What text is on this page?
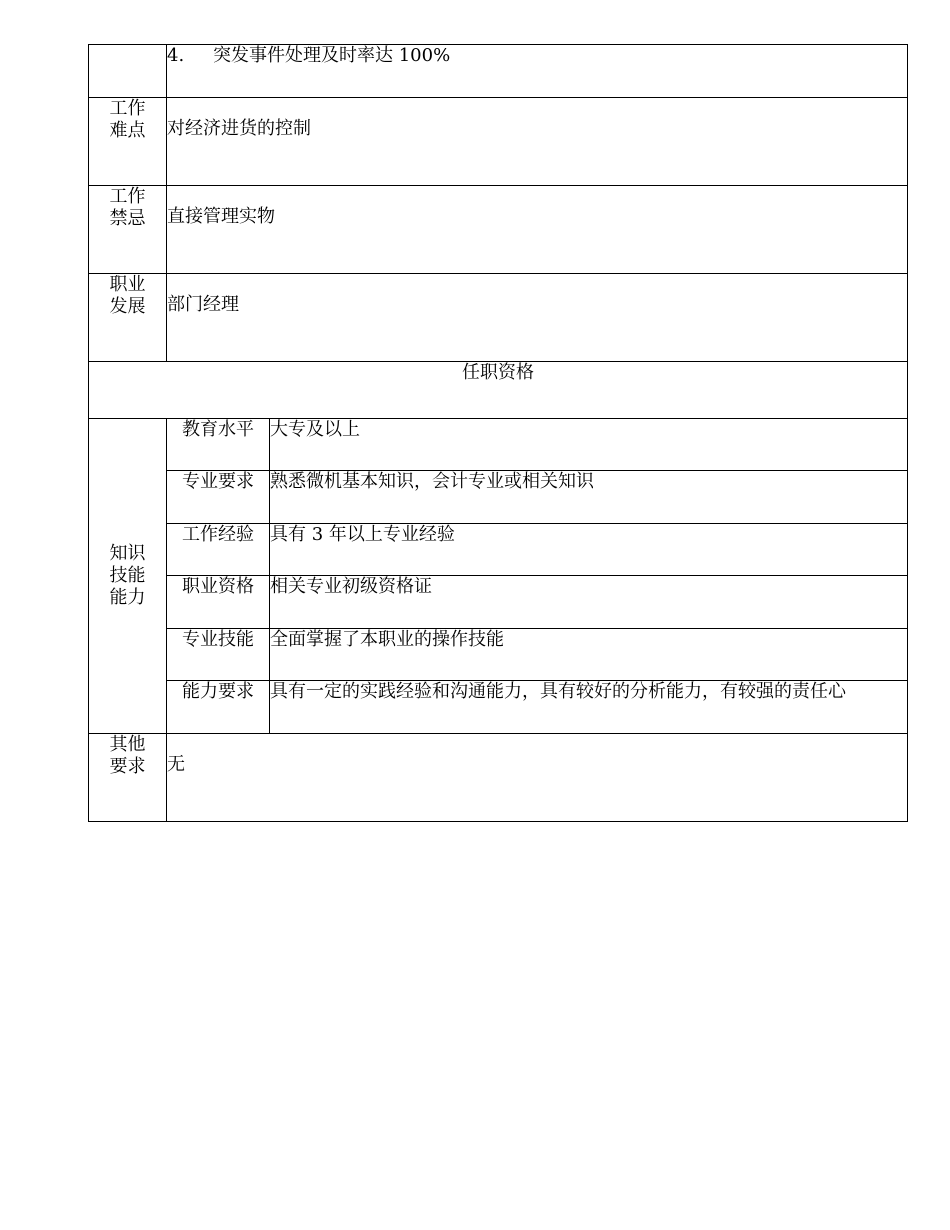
	4. 突发事件处理及时率达 100%	

工作
难点	对经济进货的控制	

工作
禁忌	直接管理实物	

职业
发展	部门经理	
任职资格		

知识
技能
能力	教育水平	大专及以上
	专业要求	熟悉微机基本知识，会计专业或相关知识
	工作经验	具有 3 年以上专业经验
	职业资格	相关专业初级资格证
	专业技能	全面掌握了本职业的操作技能
	能力要求	具有一定的实践经验和沟通能力，具有较好的分析能力，有较强的责任心

其他
要求	无	
